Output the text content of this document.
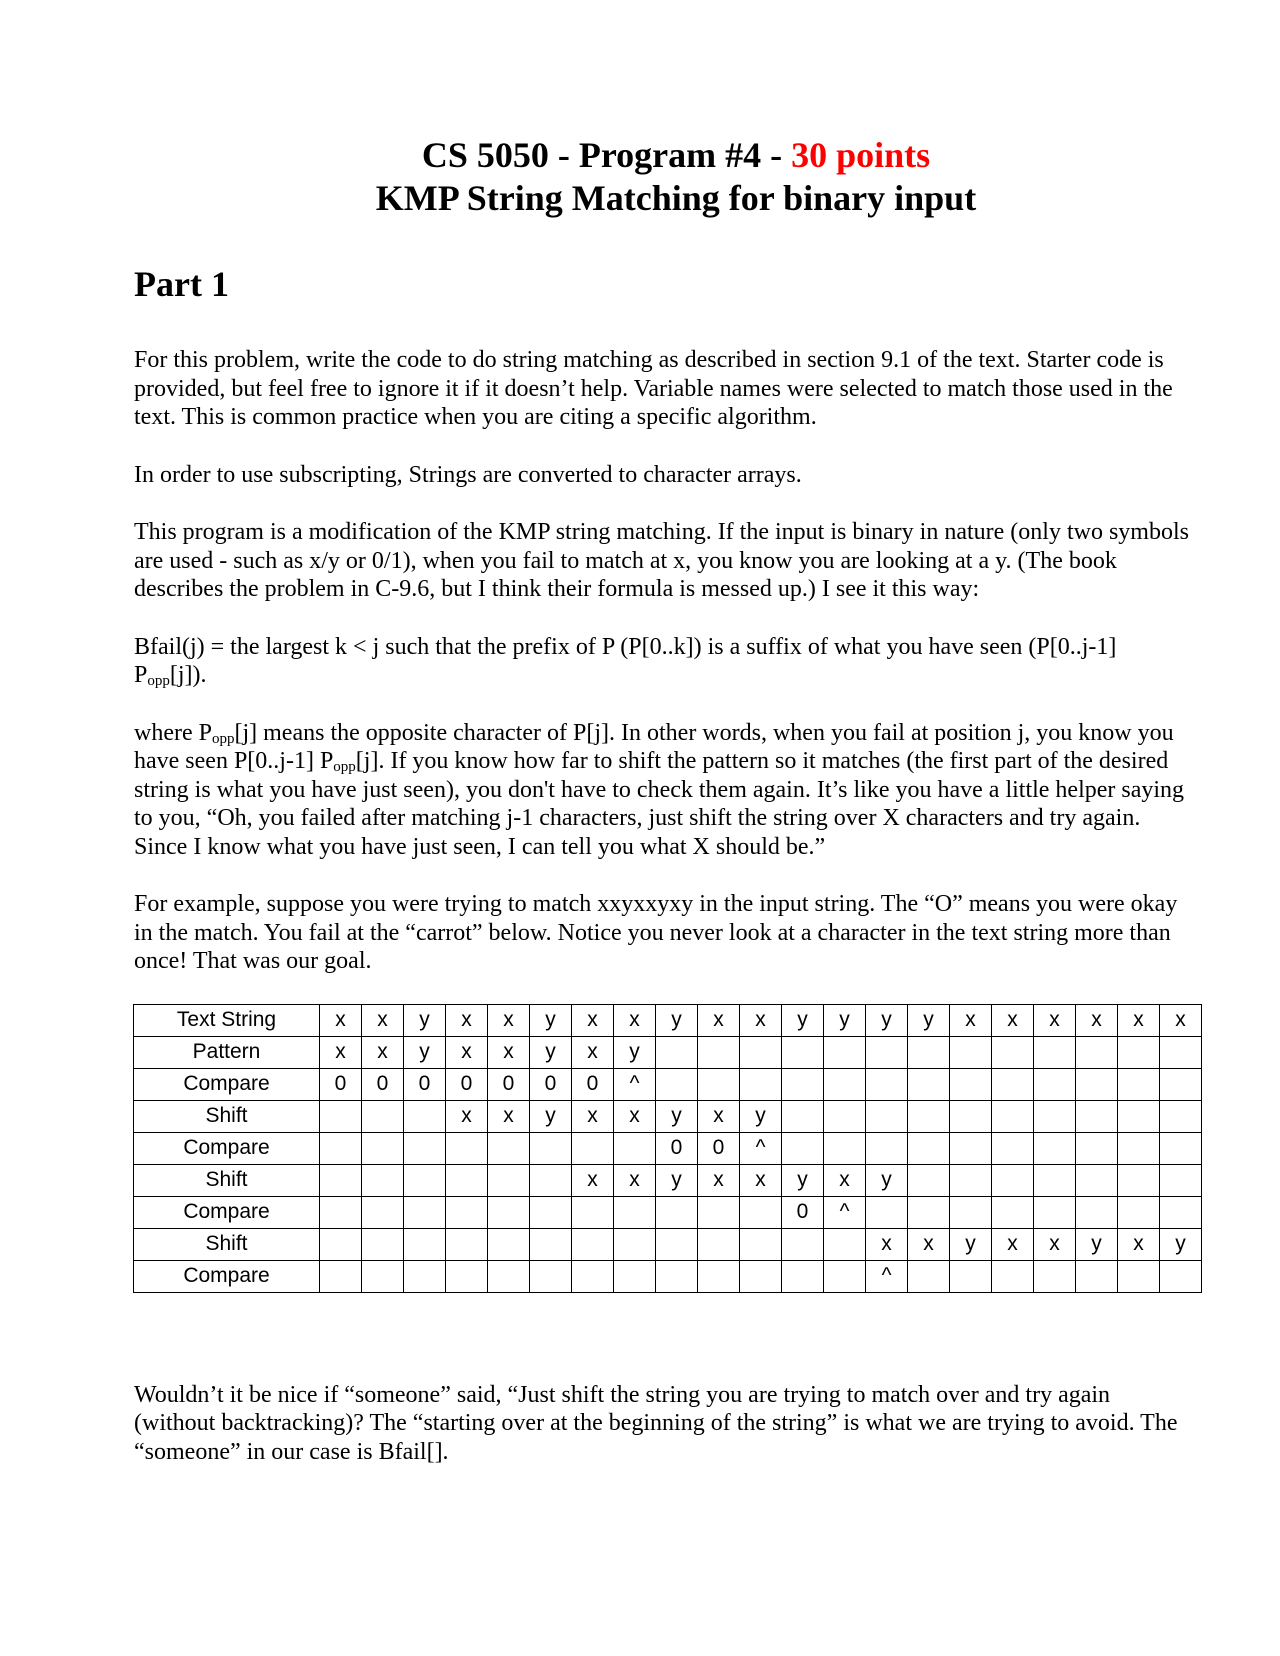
CS 5050 - Program #4 - 30 points
KMP String Matching for binary input
Part 1

For this problem, write the code to do string matching as described in section 9.1 of the text. Starter code is provided, but feel free to ignore it if it doesn’t help. Variable names were selected to match those used in the text. This is common practice when you are citing a specific algorithm.

In order to use subscripting, Strings are converted to character arrays.

This program is a modification of the KMP string matching. If the input is binary in nature (only two symbols are used - such as x/y or 0/1), when you fail to match at x, you know you are looking at a y. (The book describes the problem in C-9.6, but I think their formula is messed up.) I see it this way:

Bfail(j) = the largest k < j such that the prefix of P (P[0..k]) is a suffix of what you have seen (P[0..j-1] $P_{opp}[j]$).

where $P_{opp}[j]$ means the opposite character of P[j]. In other words, when you fail at position j, you know you have seen P[0..j-1] $P_{opp}[j]$. If you know how far to shift the pattern so it matches (the first part of the desired string is what you have just seen), you don't have to check them again. It’s like you have a little helper saying to you, “Oh, you failed after matching j-1 characters, just shift the string over X characters and try again. Since I know what you have just seen, I can tell you what X should be.”

For example, suppose you were trying to match xxyxxyxy in the input string. The “O” means you were okay in the match. You fail at the “carrot” below. Notice you never look at a character in the text string more than once! That was our goal.

Text String	x	x	y	x	x	y	x	x	y	x	x	y	y	y	y	x	x	x	x	x	x
Pattern	x	x	y	x	x	y	x	y													
Compare	0	0	0	0	0	0	0	^													
Shift				x	x	y	x	x	y	x	y										
Compare									0	0	^										
Shift							x	x	y	x	x	y	x	y							
Compare												0	^								
Shift														x	x	y	x	x	y	x	y
Compare														^							

Wouldn’t it be nice if “someone” said, “Just shift the string you are trying to match over and try again (without backtracking)? The “starting over at the beginning of the string” is what we are trying to avoid. The “someone” in our case is Bfail[].
